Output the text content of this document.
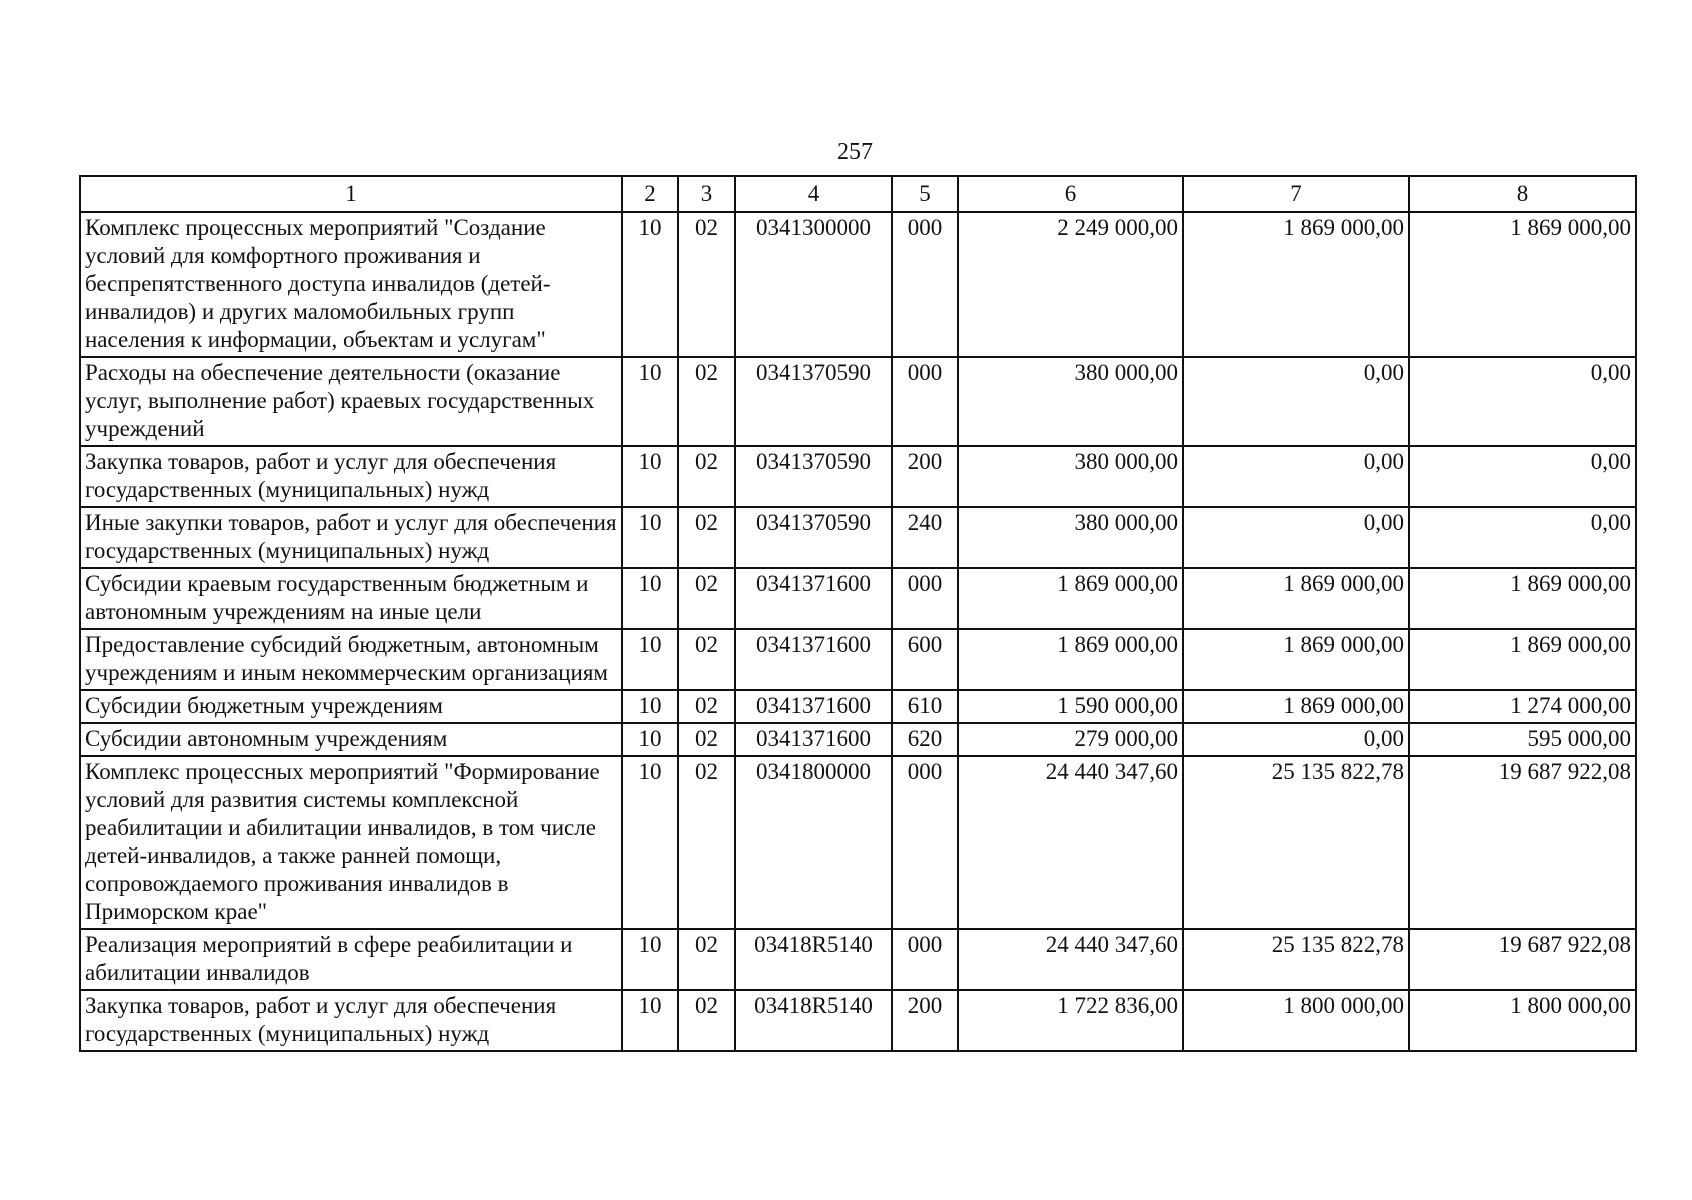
257
1	2	3	4	5	6	7	8
Комплекс процессных мероприятий "Создание условий для комфортного проживания и беспрепятственного доступа инвалидов (детей-инвалидов) и других маломобильных групп населения к информации, объектам и услугам"	10	02	0341300000	000	2 249 000,00	1 869 000,00	1 869 000,00
Расходы на обеспечение деятельности (оказание услуг, выполнение работ) краевых государственных учреждений	10	02	0341370590	000	380 000,00	0,00	0,00
Закупка товаров, работ и услуг для обеспечения государственных (муниципальных) нужд	10	02	0341370590	200	380 000,00	0,00	0,00
Иные закупки товаров, работ и услуг для обеспечения государственных (муниципальных) нужд	10	02	0341370590	240	380 000,00	0,00	0,00
Субсидии краевым государственным бюджетным и автономным учреждениям на иные цели	10	02	0341371600	000	1 869 000,00	1 869 000,00	1 869 000,00
Предоставление субсидий бюджетным, автономным учреждениям и иным некоммерческим организациям	10	02	0341371600	600	1 869 000,00	1 869 000,00	1 869 000,00
Субсидии бюджетным учреждениям	10	02	0341371600	610	1 590 000,00	1 869 000,00	1 274 000,00
Субсидии автономным учреждениям	10	02	0341371600	620	279 000,00	0,00	595 000,00
Комплекс процессных мероприятий "Формирование условий для развития системы комплексной реабилитации и абилитации инвалидов, в том числе детей-инвалидов, а также ранней помощи, сопровождаемого проживания инвалидов в Приморском крае"	10	02	0341800000	000	24 440 347,60	25 135 822,78	19 687 922,08
Реализация мероприятий в сфере реабилитации и абилитации инвалидов	10	02	03418R5140	000	24 440 347,60	25 135 822,78	19 687 922,08
Закупка товаров, работ и услуг для обеспечения государственных (муниципальных) нужд	10	02	03418R5140	200	1 722 836,00	1 800 000,00	1 800 000,00
